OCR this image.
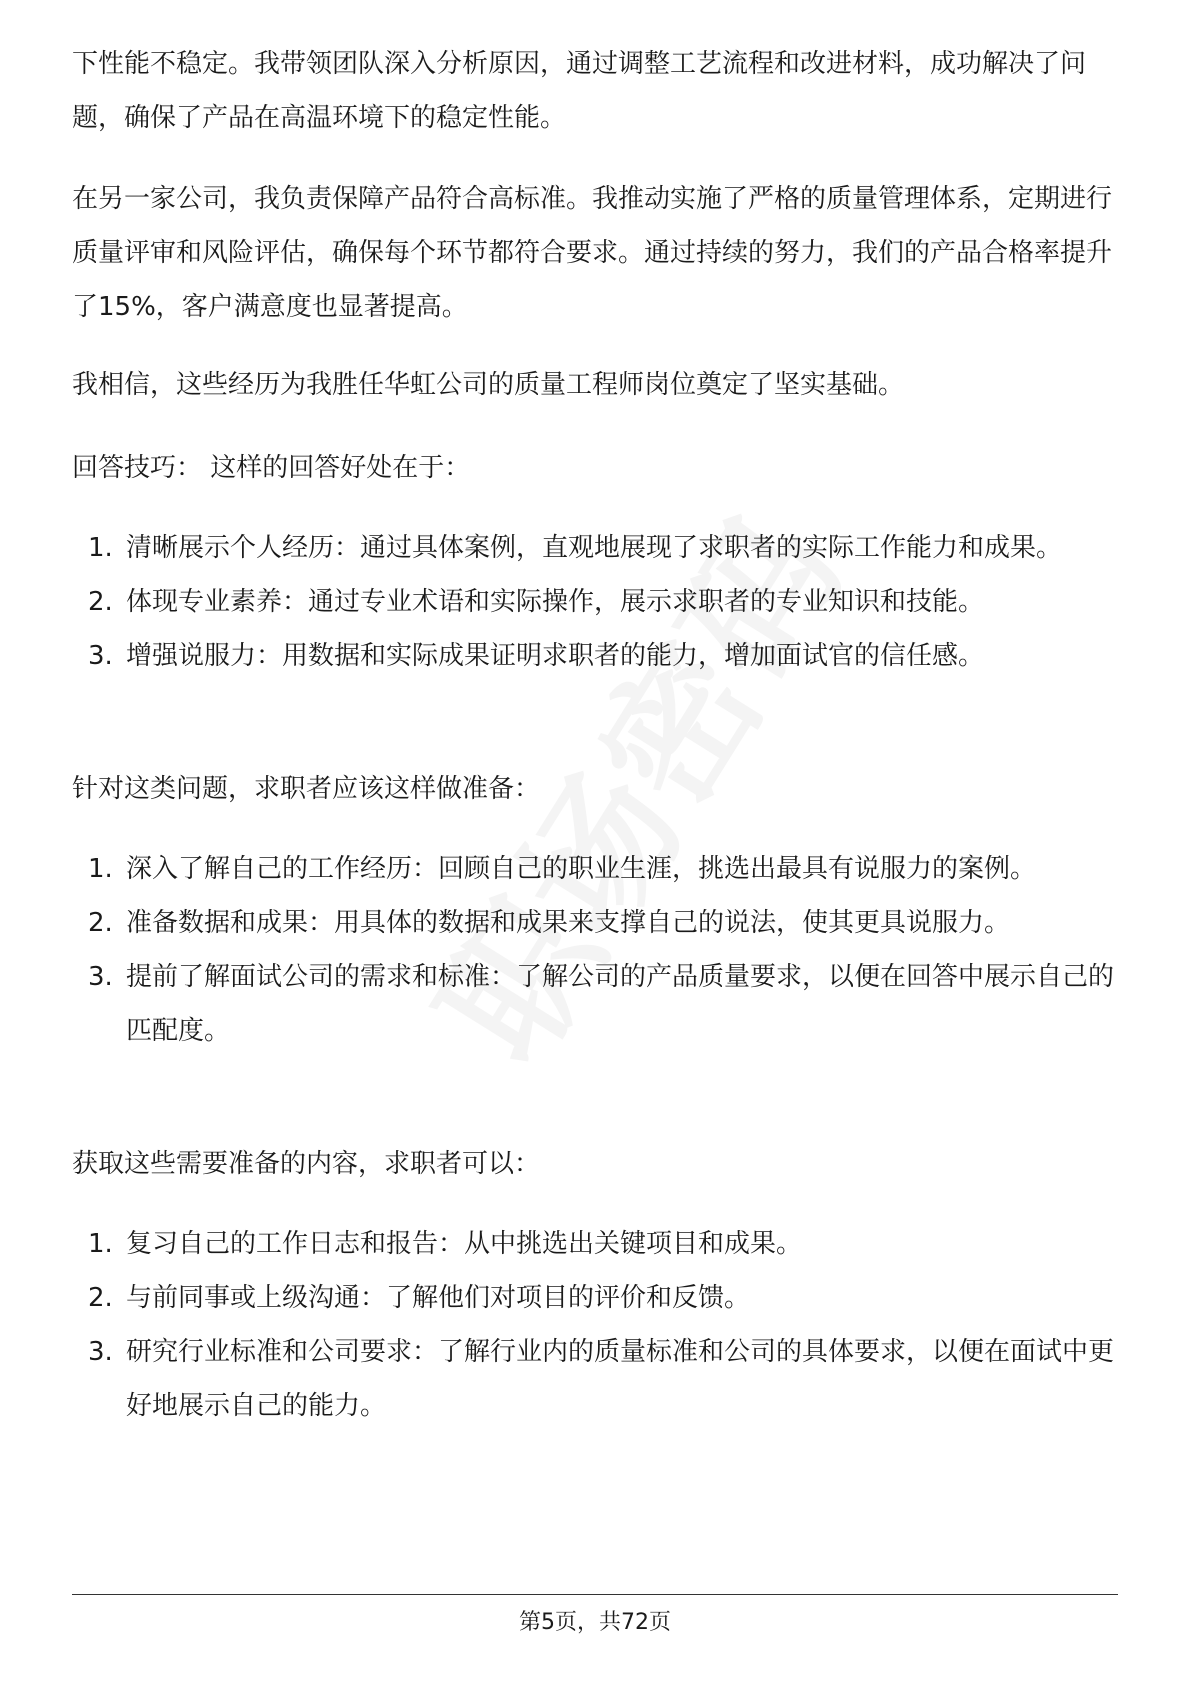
下性能不稳定。我带领团队深入分析原因，通过调整工艺流程和改进材料，成功解决了问题，确保了产品在高温环境下的稳定性能。

在另一家公司，我负责保障产品符合高标准。我推动实施了严格的质量管理体系，定期进行质量评审和风险评估，确保每个环节都符合要求。通过持续的努力，我们的产品合格率提升了15%，客户满意度也显著提高。

我相信，这些经历为我胜任华虹公司的质量工程师岗位奠定了坚实基础。

回答技巧： 这样的回答好处在于：

1. 清晰展示个人经历：通过具体案例，直观地展现了求职者的实际工作能力和成果。
2. 体现专业素养：通过专业术语和实际操作，展示求职者的专业知识和技能。
3. 增强说服力：用数据和实际成果证明求职者的能力，增加面试官的信任感。

针对这类问题，求职者应该这样做准备：

1. 深入了解自己的工作经历：回顾自己的职业生涯，挑选出最具有说服力的案例。
2. 准备数据和成果：用具体的数据和成果来支撑自己的说法，使其更具说服力。
3. 提前了解面试公司的需求和标准：了解公司的产品质量要求，以便在回答中展示自己的匹配度。

获取这些需要准备的内容，求职者可以：

1. 复习自己的工作日志和报告：从中挑选出关键项目和成果。
2. 与前同事或上级沟通：了解他们对项目的评价和反馈。
3. 研究行业标准和公司要求：了解行业内的质量标准和公司的具体要求，以便在面试中更好地展示自己的能力。
第5页，共72页
